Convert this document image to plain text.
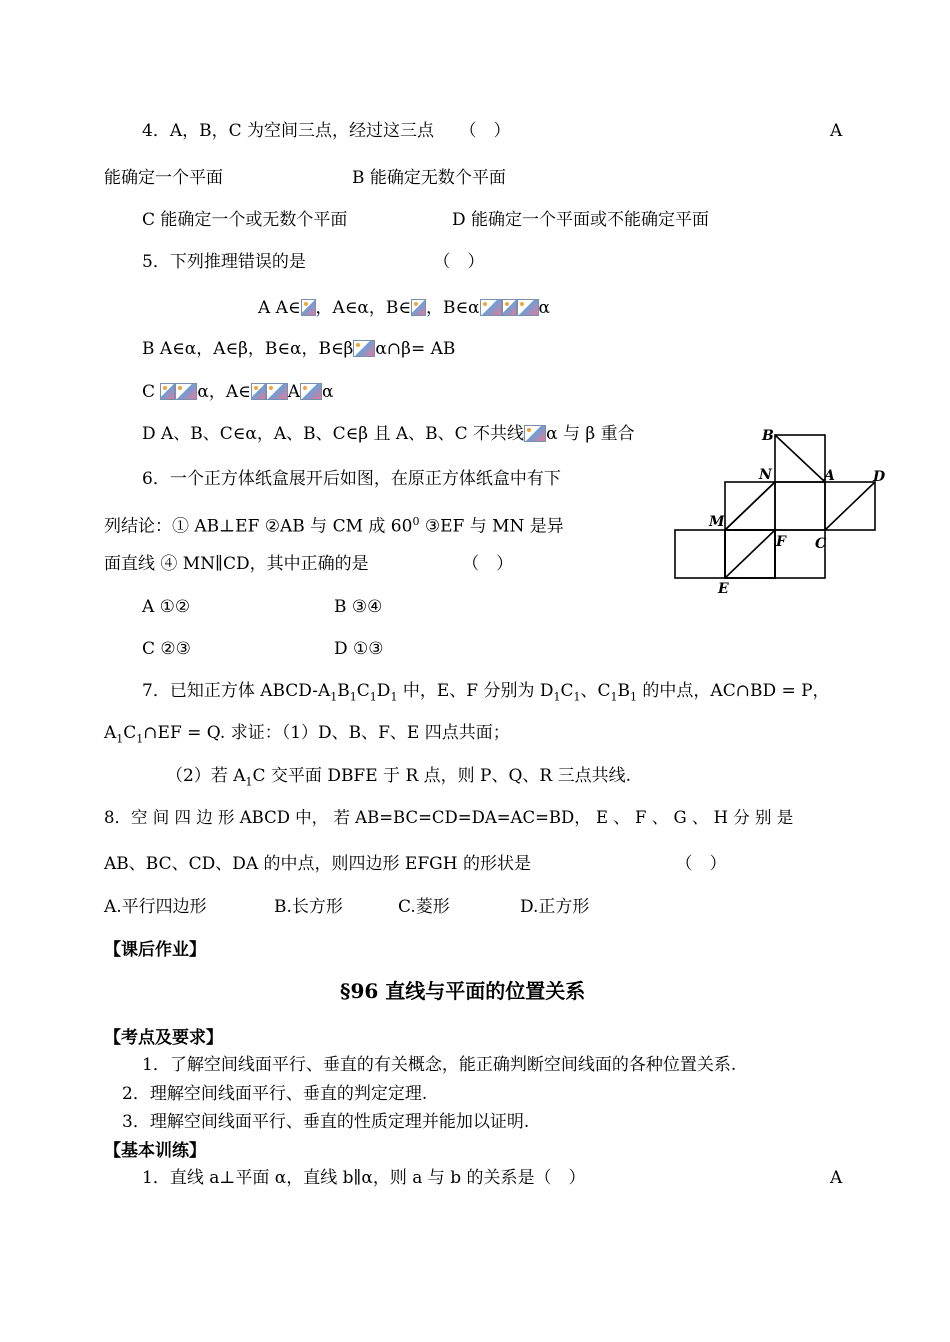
4．A，B，C 为空间三点，经过这三点　　（　）	A
能确定一个平面	B 能确定无数个平面
C 能确定一个或无数个平面	D 能确定一个平面或不能确定平面
5．下列推理错误的是　　　　　　　　（　）
A A∈ ，A∈α，B∈ ，B∈α	α
B A∈α，A∈β，B∈α，B∈β α∩β= AB
C α，A∈ A α
D A、B、C∈α，A、B、C∈β 且 A、B、C 不共线 α 与 β 重合
6．一个正方体纸盒展开后如图，在原正方体纸盒中有下
列结论：① AB⊥EF ②AB 与 CM 成 $60^0$ ③EF 与 MN 是异
面直线 ④ MN∥CD，其中正确的是　　　　　　（　）
A ①②	B ③④
C ②③	D ①③
B
N	A	D
M
F C
E
7．已知正方体 ABCD-$A_1B_1C_1D_1$ 中，E、F 分别为 $D_1C_1$、$C_1B_1$ 的中点，AC∩BD = P，
$A_1C_1\cap EF = Q$. 求证：（1）D、B、F、E 四点共面；
（2）若 $A_1C$ 交平面 DBFE 于 R 点，则 P、Q、R 三点共线.
8．空 间 四 边 形 ABCD 中， 若 AB=BC=CD=DA=AC=BD， E 、 F 、 G 、 H 分 别 是
AB、BC、CD、DA 的中点，则四边形 EFGH 的形状是　　　　　　　　　（　）
A.平行四边形	B.长方形	C.菱形	D.正方形
【课后作业】
§96 直线与平面的位置关系
【考点及要求】
1．了解空间线面平行、垂直的有关概念，能正确判断空间线面的各种位置关系.
2．理解空间线面平行、垂直的判定定理.
3．理解空间线面平行、垂直的性质定理并能加以证明.
【基本训练】
1．直线 a⊥平面 α，直线 b∥α，则 a 与 b 的关系是（　）	A
